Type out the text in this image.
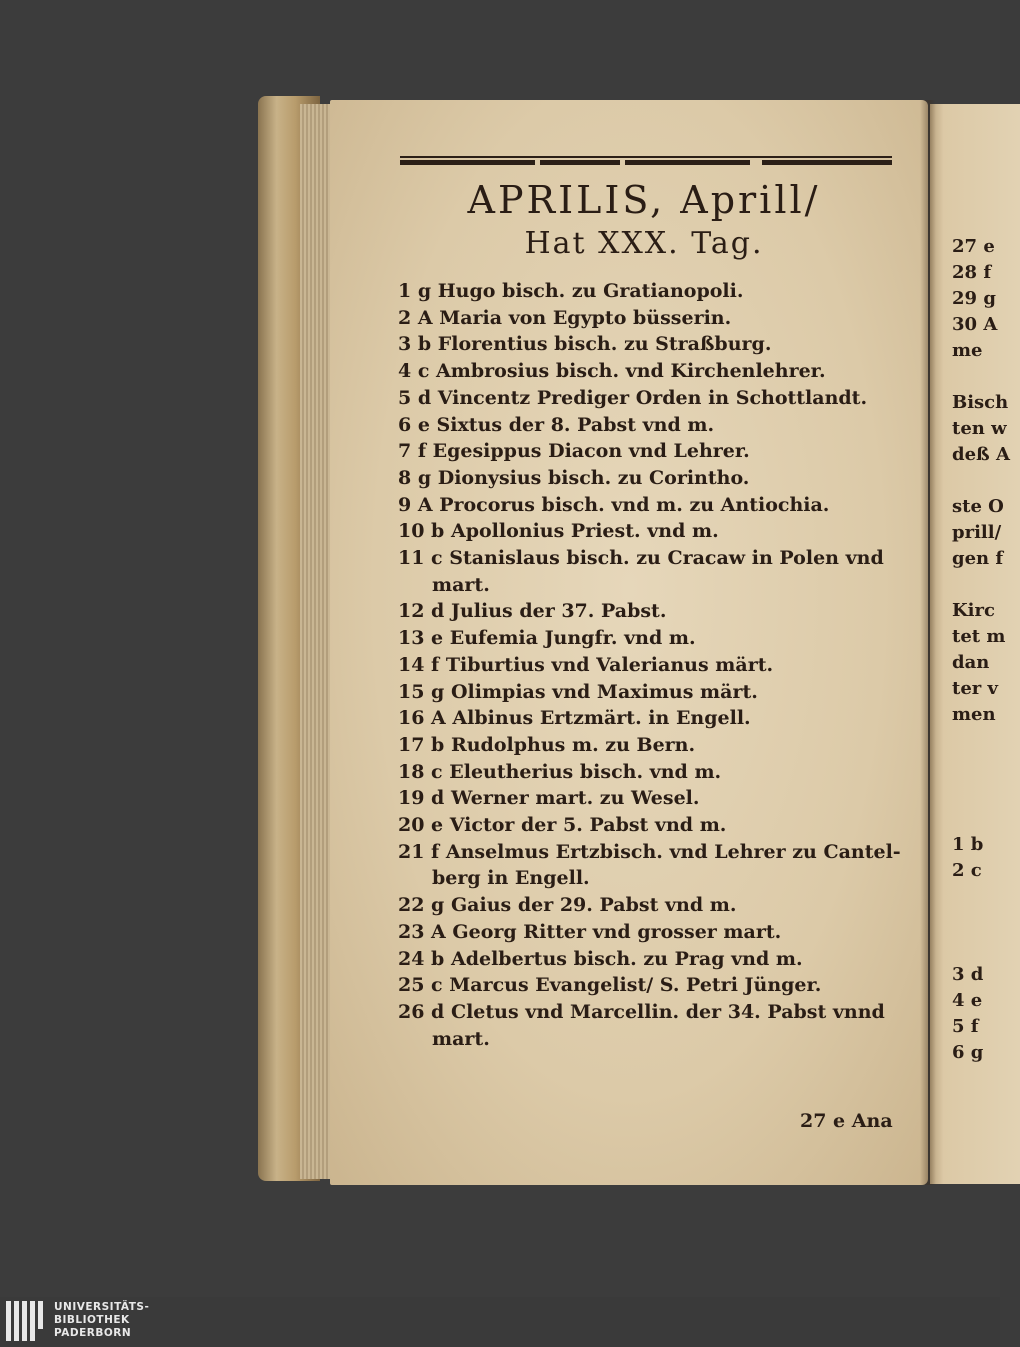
27 e
28 f
29 g
30 A
me
Bisch
ten w
deß A
ste O
prill/
gen f
Kirc
tet m
dan
ter v
men
1 b
2 c
3 d
4 e
5 f
6 g
APRILIS, Aprill/
Hat XXX. Tag.
1 g Hugo bisch. zu Gratianopoli.
2 A Maria von Egypto büsserin.
3 b Florentius bisch. zu Straßburg.
4 c Ambrosius bisch. vnd Kirchenlehrer.
5 d Vincentz Prediger Orden in Schottlandt.
6 e Sixtus der 8. Pabst vnd m.
7 f Egesippus Diacon vnd Lehrer.
8 g Dionysius bisch. zu Corintho.
9 A Procorus bisch. vnd m. zu Antiochia.
10 b Apollonius Priest. vnd m.
11 c Stanislaus bisch. zu Cracaw in Polen vnd
mart.
12 d Julius der 37. Pabst.
13 e Eufemia Jungfr. vnd m.
14 f Tiburtius vnd Valerianus märt.
15 g Olimpias vnd Maximus märt.
16 A Albinus Ertzmärt. in Engell.
17 b Rudolphus m. zu Bern.
18 c Eleutherius bisch. vnd m.
19 d Werner mart. zu Wesel.
20 e Victor der 5. Pabst vnd m.
21 f Anselmus Ertzbisch. vnd Lehrer zu Cantel-
berg in Engell.
22 g Gaius der 29. Pabst vnd m.
23 A Georg Ritter vnd grosser mart.
24 b Adelbertus bisch. zu Prag vnd m.
25 c Marcus Evangelist/ S. Petri Jünger.
26 d Cletus vnd Marcellin. der 34. Pabst vnnd
mart.
27 e Ana
UNIVERSITÄTS-
BIBLIOTHEK
PADERBORN
